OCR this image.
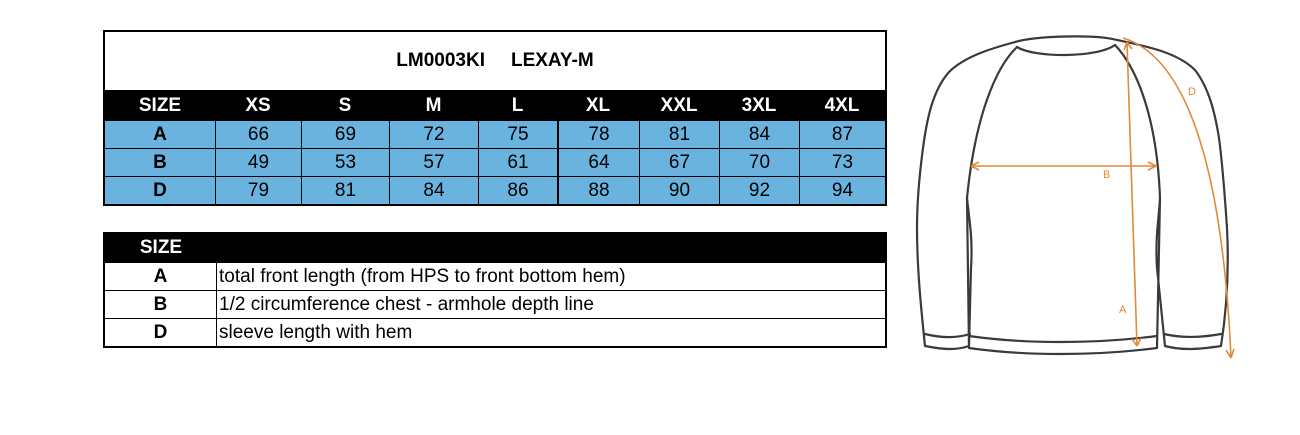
LM0003KI LEXAY-M
SIZE	XS	S	M	L	XL	XXL	3XL	4XL
A	66	69	72	75	78	81	84	87
B	49	53	57	61	64	67	70	73
D	79	81	84	86	88	90	92	94
SIZE
A	total front length (from HPS to front bottom hem)
B	1/2 circumference chest - armhole depth line
D	sleeve length with hem
B
A
D
